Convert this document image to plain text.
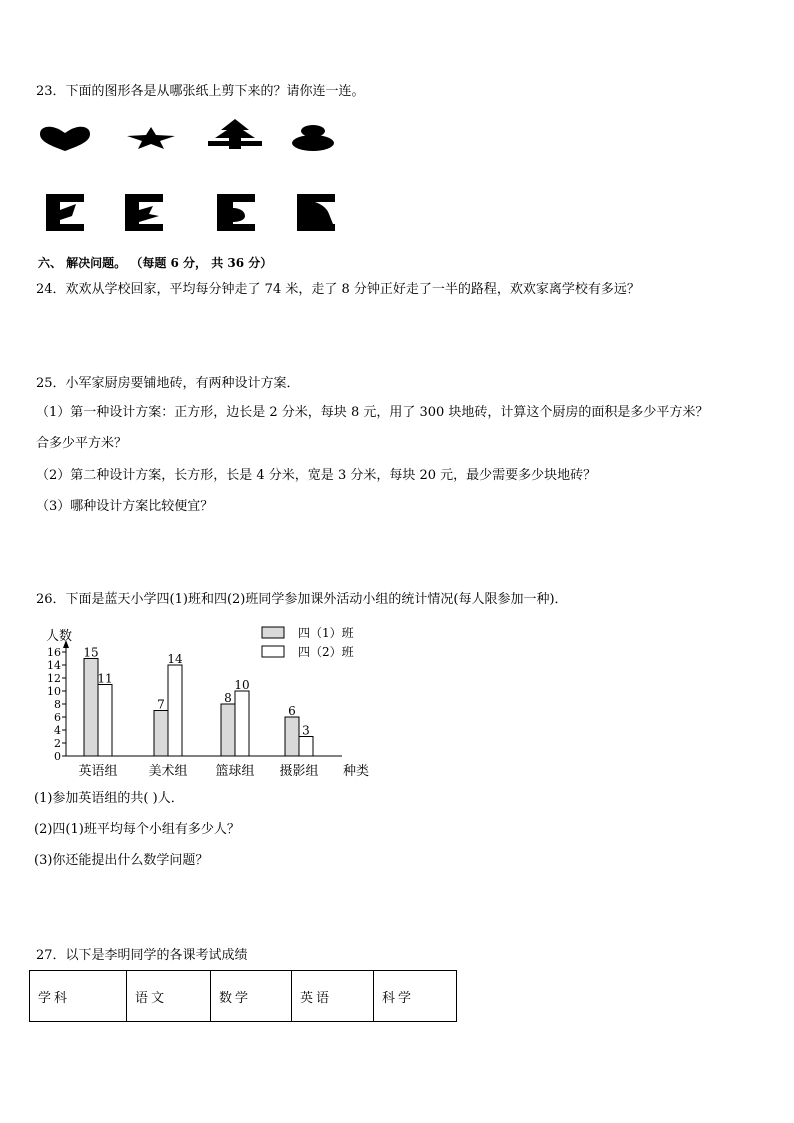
23．下面的图形各是从哪张纸上剪下来的？请你连一连。
六、 解决问题。 （每题 6 分， 共 36 分）
24．欢欢从学校回家，平均每分钟走了 74 米，走了 8 分钟正好走了一半的路程，欢欢家离学校有多远？
25．小军家厨房要铺地砖，有两种设计方案．
（1）第一种设计方案：正方形，边长是 2 分米，每块 8 元，用了 300 块地砖，计算这个厨房的面积是多少平方米？
合多少平方米？
（2）第二种设计方案，长方形，长是 4 分米，宽是 3 分米，每块 20 元，最少需要多少块地砖？
（3）哪种设计方案比较便宜？
26．下面是蓝天小学四(1)班和四(2)班同学参加课外活动小组的统计情况(每人限参加一种)．
人数
0
2
4
6
8
10
12
14
16 15
11
英语组
7
14
美术组
8
10
篮球组
6
3
摄影组 种类
四（1）班
四（2）班
(1)参加英语组的共( )人．
(2)四(1)班平均每个小组有多少人？
(3)你还能提出什么数学问题？
27．以下是李明同学的各课考试成绩
学科	语文	数学	英语	科学
